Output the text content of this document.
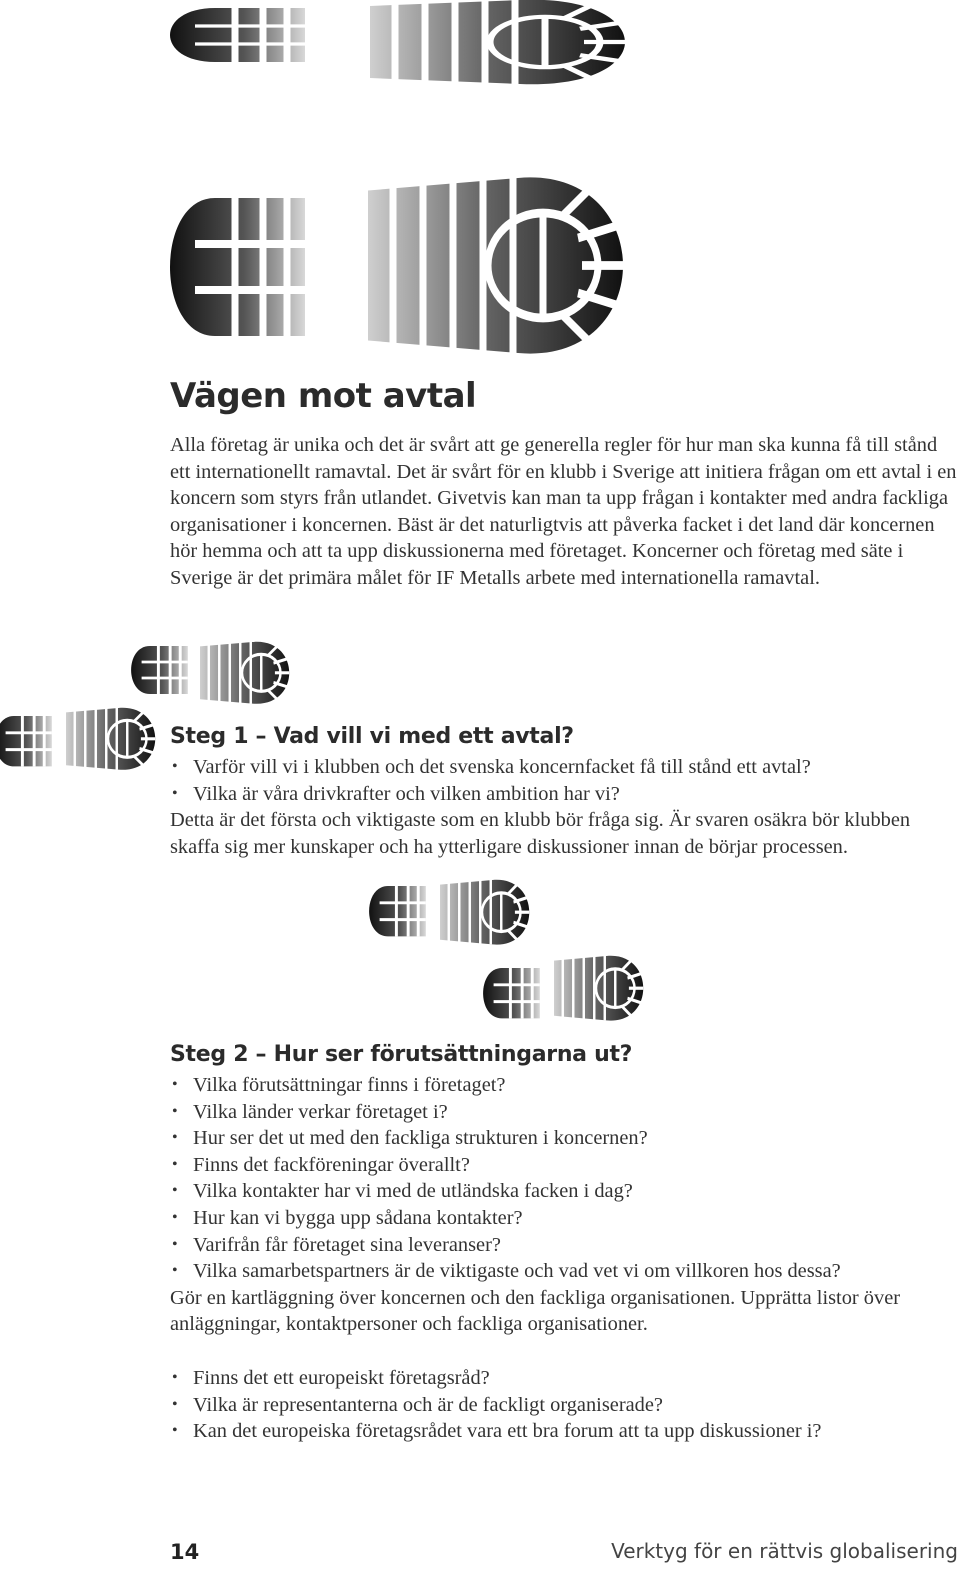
Vägen mot avtal

Alla företag är unika och det är svårt att ge generella regler för hur man ska kunna få till stånd ett internationellt ramavtal. Det är svårt för en klubb i Sverige att initiera frågan om ett avtal i en koncern som styrs från utlandet. Givetvis kan man ta upp frågan i kontakter med andra fackliga organisationer i koncernen. Bäst är det naturligtvis att påverka facket i det land där koncernen hör hemma och att ta upp diskussionerna med företaget. Koncerner och företag med säte i Sverige är det primära målet för IF Metalls arbete med internationella ramavtal.

Steg 1 – Vad vill vi med ett avtal?
• Varför vill vi i klubben och det svenska koncernfacket få till stånd ett avtal?
• Vilka är våra drivkrafter och vilken ambition har vi?

Detta är det första och viktigaste som en klubb bör fråga sig. Är svaren osäkra bör klubben skaffa sig mer kunskaper och ha ytterligare diskussioner innan de börjar processen.

Steg 2 – Hur ser förutsättningarna ut?
• Vilka förutsättningar finns i företaget?
• Vilka länder verkar företaget i?
• Hur ser det ut med den fackliga strukturen i koncernen?
• Finns det fackföreningar överallt?
• Vilka kontakter har vi med de utländska facken i dag?
• Hur kan vi bygga upp sådana kontakter?
• Varifrån får företaget sina leveranser?
• Vilka samarbetspartners är de viktigaste och vad vet vi om villkoren hos dessa?

Gör en kartläggning över koncernen och den fackliga organisationen. Upprätta listor över anläggningar, kontaktpersoner och fackliga organisationer.

• Finns det ett europeiskt företagsråd?
• Vilka är representanterna och är de fackligt organiserade?
• Kan det europeiska företagsrådet vara ett bra forum att ta upp diskussioner i?
14	Verktyg för en rättvis globalisering
